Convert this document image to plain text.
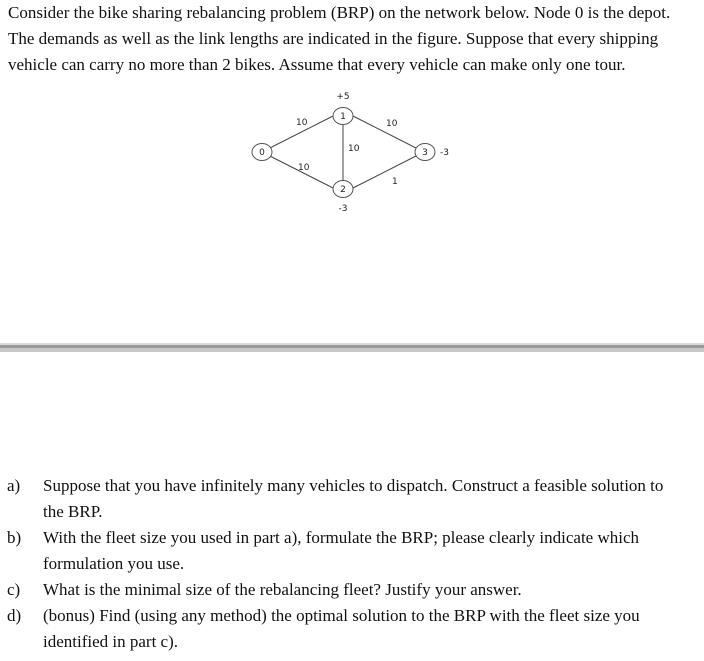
Consider the bike sharing rebalancing problem (BRP) on the network below. Node 0 is the depot.
The demands as well as the link lengths are indicated in the figure. Suppose that every shipping
vehicle can carry no more than 2 bikes. Assume that every vehicle can make only one tour.

10
10
10
10
1
0
1
2
3
+5
-3
-3
a) Suppose that you have infinitely many vehicles to dispatch. Construct a feasible solution to
the BRP.
b) With the fleet size you used in part a), formulate the BRP; please clearly indicate which
formulation you use.
c) What is the minimal size of the rebalancing fleet? Justify your answer.
d) (bonus) Find (using any method) the optimal solution to the BRP with the fleet size you
identified in part c).
